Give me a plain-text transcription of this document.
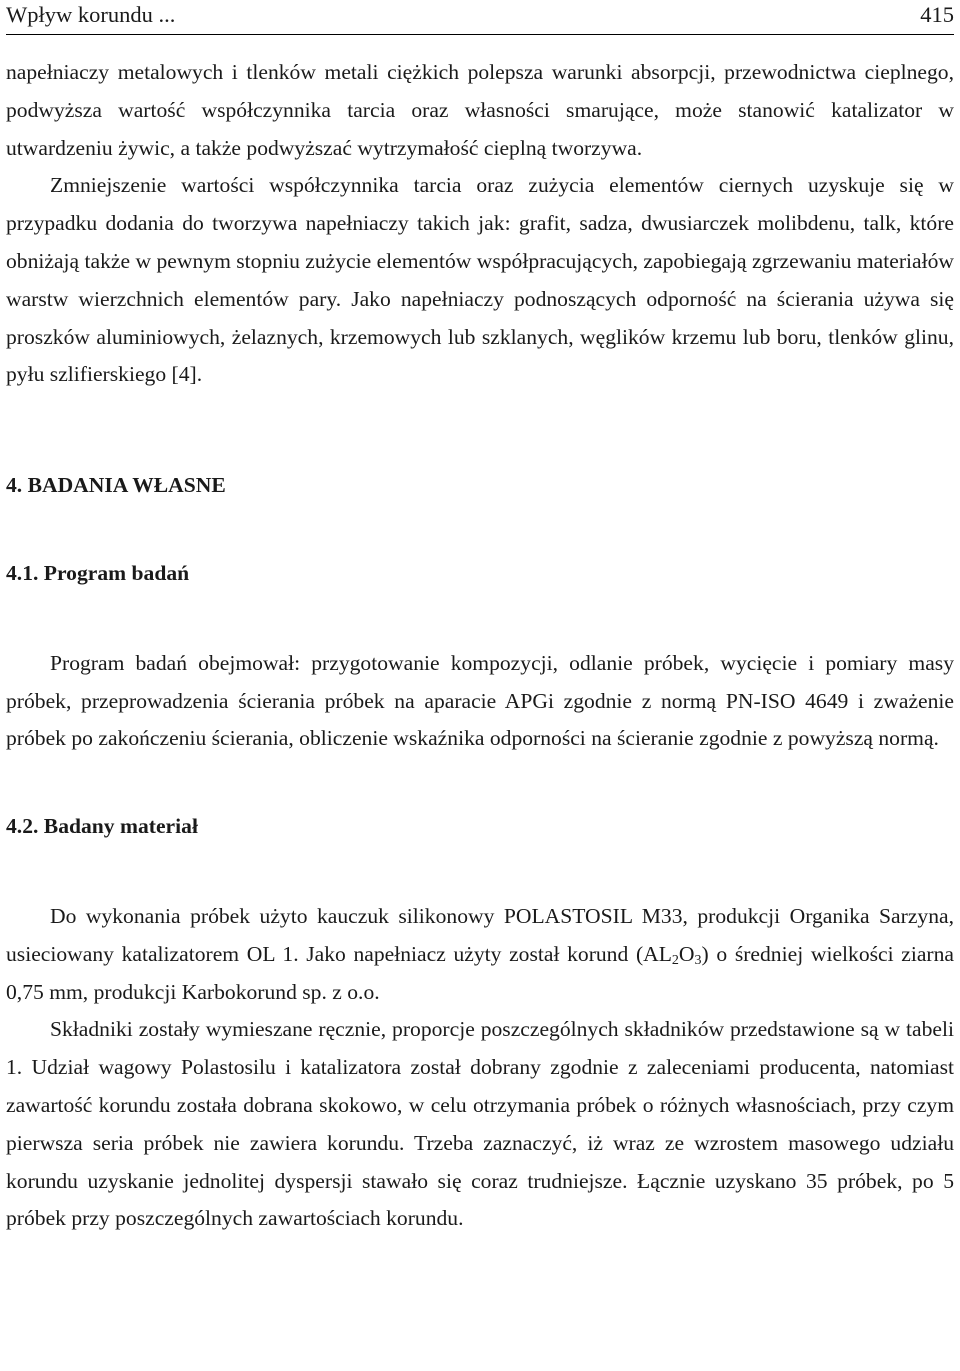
Wpływ korundu ...	415

napełniaczy metalowych i tlenków metali ciężkich polepsza warunki absorpcji, przewodnictwa cieplnego, podwyższa wartość współczynnika tarcia oraz własności smarujące, może stanowić katalizator w utwardzeniu żywic, a także podwyższać wytrzymałość cieplną tworzywa.

Zmniejszenie wartości współczynnika tarcia oraz zużycia elementów ciernych uzyskuje się w przypadku dodania do tworzywa napełniaczy takich jak: grafit, sadza, dwusiarczek molibdenu, talk, które obniżają także w pewnym stopniu zużycie elementów współpracujących, zapobiegają zgrzewaniu materiałów warstw wierzchnich elementów pary. Jako napełniaczy podnoszących odporność na ścierania używa się proszków aluminiowych, żelaznych, krzemowych lub szklanych, węglików krzemu lub boru, tlenków glinu, pyłu szlifierskiego [4].

4. BADANIA WŁASNE

4.1. Program badań

Program badań obejmował: przygotowanie kompozycji, odlanie próbek, wycięcie i pomiary masy próbek, przeprowadzenia ścierania próbek na aparacie APGi zgodnie z normą PN-ISO 4649 i zważenie próbek po zakończeniu ścierania, obliczenie wskaźnika odporności na ścieranie zgodnie z powyższą normą.

4.2. Badany materiał

Do wykonania próbek użyto kauczuk silikonowy POLASTOSIL M33, produkcji Organika Sarzyna, usieciowany katalizatorem OL 1. Jako napełniacz użyty został korund $(AL_2O_3)$ o średniej wielkości ziarna 0,75 mm, produkcji Karbokorund sp. z o.o.

Składniki zostały wymieszane ręcznie, proporcje poszczególnych składników przedstawione są w tabeli 1. Udział wagowy Polastosilu i katalizatora został dobrany zgodnie z zaleceniami producenta, natomiast zawartość korundu została dobrana skokowo, w celu otrzymania próbek o różnych własnościach, przy czym pierwsza seria próbek nie zawiera korundu. Trzeba zaznaczyć, iż wraz ze wzrostem masowego udziału korundu uzyskanie jednolitej dyspersji stawało się coraz trudniejsze. Łącznie uzyskano 35 próbek, po 5 próbek przy poszczególnych zawartościach korundu.
